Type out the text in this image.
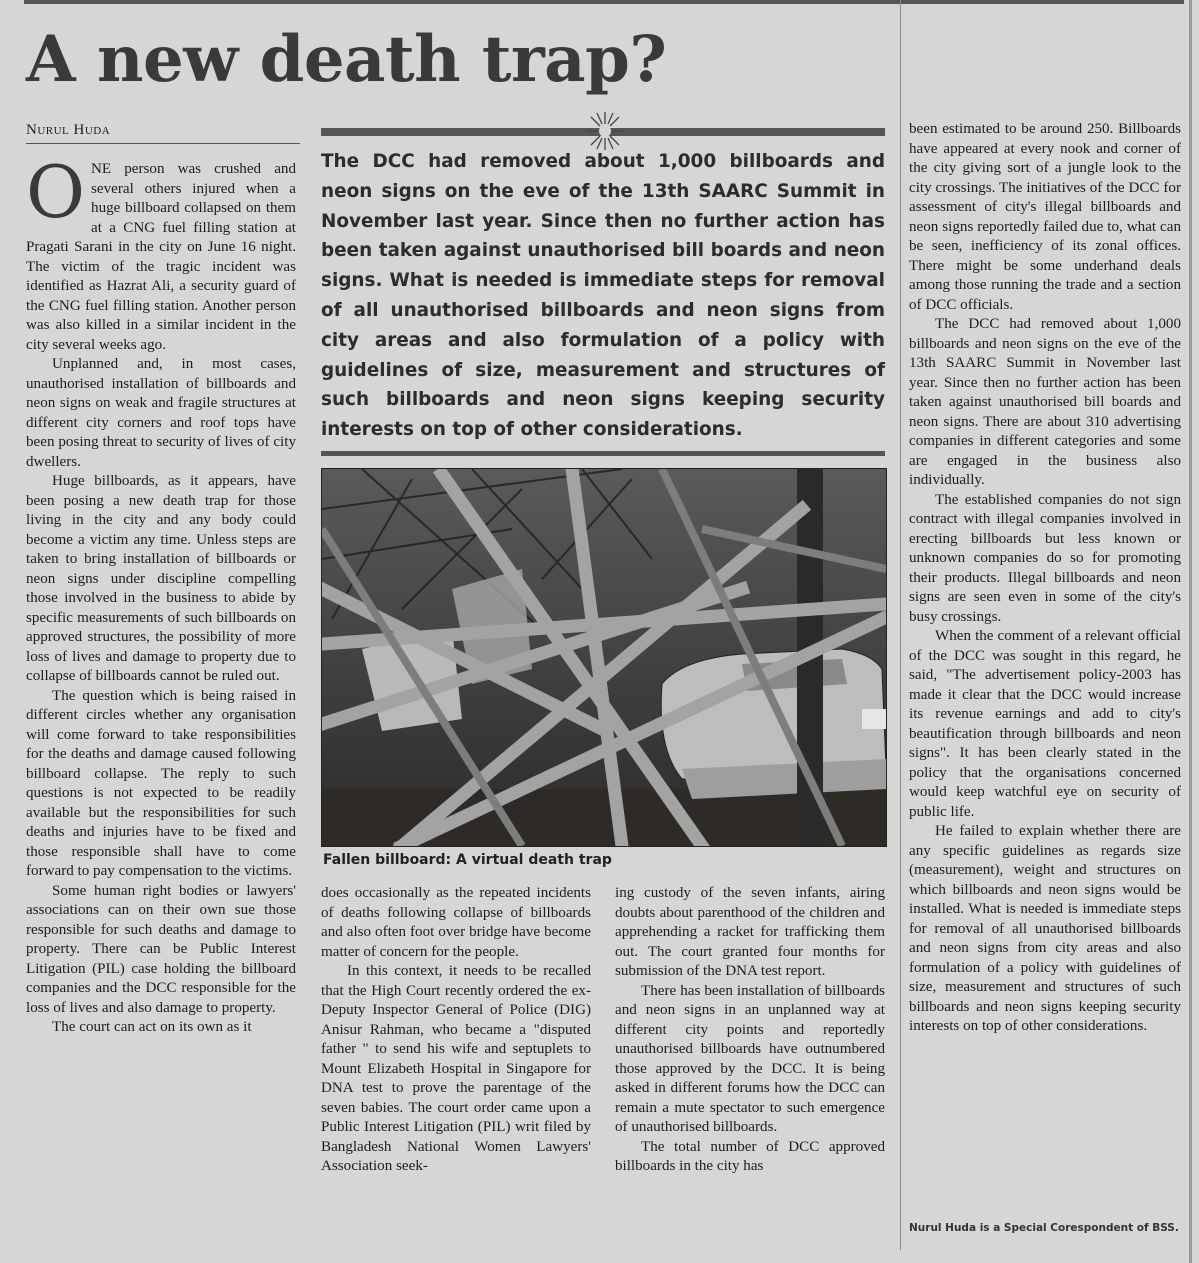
A new death trap?
Nurul Huda

ONE person was crushed and several others injured when a huge billboard collapsed on them at a CNG fuel filling station at Pragati Sarani in the city on June 16 night. The victim of the tragic incident was identified as Hazrat Ali, a security guard of the CNG fuel filling station. Another person was also killed in a similar incident in the city several weeks ago.

Unplanned and, in most cases, unauthorised installation of billboards and neon signs on weak and fragile structures at different city corners and roof tops have been posing threat to security of lives of city dwellers.

Huge billboards, as it appears, have been posing a new death trap for those living in the city and any body could become a victim any time. Unless steps are taken to bring installation of billboards or neon signs under discipline compelling those involved in the business to abide by specific measurements of such billboards on approved structures, the possibility of more loss of lives and damage to property due to collapse of billboards cannot be ruled out.

The question which is being raised in different circles whether any organisation will come forward to take responsibilities for the deaths and damage caused following billboard collapse. The reply to such questions is not expected to be readily available but the responsibilities for such deaths and injuries have to be fixed and those responsible shall have to come forward to pay compensation to the victims.

Some human right bodies or lawyers' associations can on their own sue those responsible for such deaths and damage to property. There can be Public Interest Litigation (PIL) case holding the billboard companies and the DCC responsible for the loss of lives and also damage to property.

The court can act on its own as it

The DCC had removed about 1,000 billboards and neon signs on the eve of the 13th SAARC Summit in November last year. Since then no further action has been taken against unauthorised bill boards and neon signs. What is needed is immediate steps for removal of all unauthorised billboards and neon signs from city areas and also formulation of a policy with guidelines of size, measurement and structures of such billboards and neon signs keeping security interests on top of other considerations.

Fallen billboard: A virtual death trap

does occasionally as the repeated incidents of deaths following collapse of billboards and also often foot over bridge have become matter of concern for the people.

In this context, it needs to be recalled that the High Court recently ordered the ex-Deputy Inspector General of Police (DIG) Anisur Rahman, who became a "disputed father " to send his wife and septuplets to Mount Elizabeth Hospital in Singapore for DNA test to prove the parentage of the seven babies. The court order came upon a Public Interest Litigation (PIL) writ filed by Bangladesh National Women Lawyers' Association seek-

ing custody of the seven infants, airing doubts about parenthood of the children and apprehending a racket for trafficking them out. The court granted four months for submission of the DNA test report.

There has been installation of billboards and neon signs in an unplanned way at different city points and reportedly unauthorised billboards have outnumbered those approved by the DCC. It is being asked in different forums how the DCC can remain a mute spectator to such emergence of unauthorised billboards.

The total number of DCC approved billboards in the city has

been estimated to be around 250. Billboards have appeared at every nook and corner of the city giving sort of a jungle look to the city crossings. The initiatives of the DCC for assessment of city's illegal billboards and neon signs reportedly failed due to, what can be seen, inefficiency of its zonal offices. There might be some underhand deals among those running the trade and a section of DCC officials.

The DCC had removed about 1,000 billboards and neon signs on the eve of the 13th SAARC Summit in November last year. Since then no further action has been taken against unauthorised bill boards and neon signs. There are about 310 advertising companies in different categories and some are engaged in the business also individually.

The established companies do not sign contract with illegal companies involved in erecting billboards but less known or unknown companies do so for promoting their products. Illegal billboards and neon signs are seen even in some of the city's busy crossings.

When the comment of a relevant official of the DCC was sought in this regard, he said, "The advertisement policy-2003 has made it clear that the DCC would increase its revenue earnings and add to city's beautification through billboards and neon signs". It has been clearly stated in the policy that the organisations concerned would keep watchful eye on security of public life.

He failed to explain whether there are any specific guidelines as regards size (measurement), weight and structures on which billboards and neon signs would be installed. What is needed is immediate steps for removal of all unauthorised billboards and neon signs from city areas and also formulation of a policy with guidelines of size, measurement and structures of such billboards and neon signs keeping security interests on top of other considerations.

Nurul Huda is a Special Corespondent of BSS.
